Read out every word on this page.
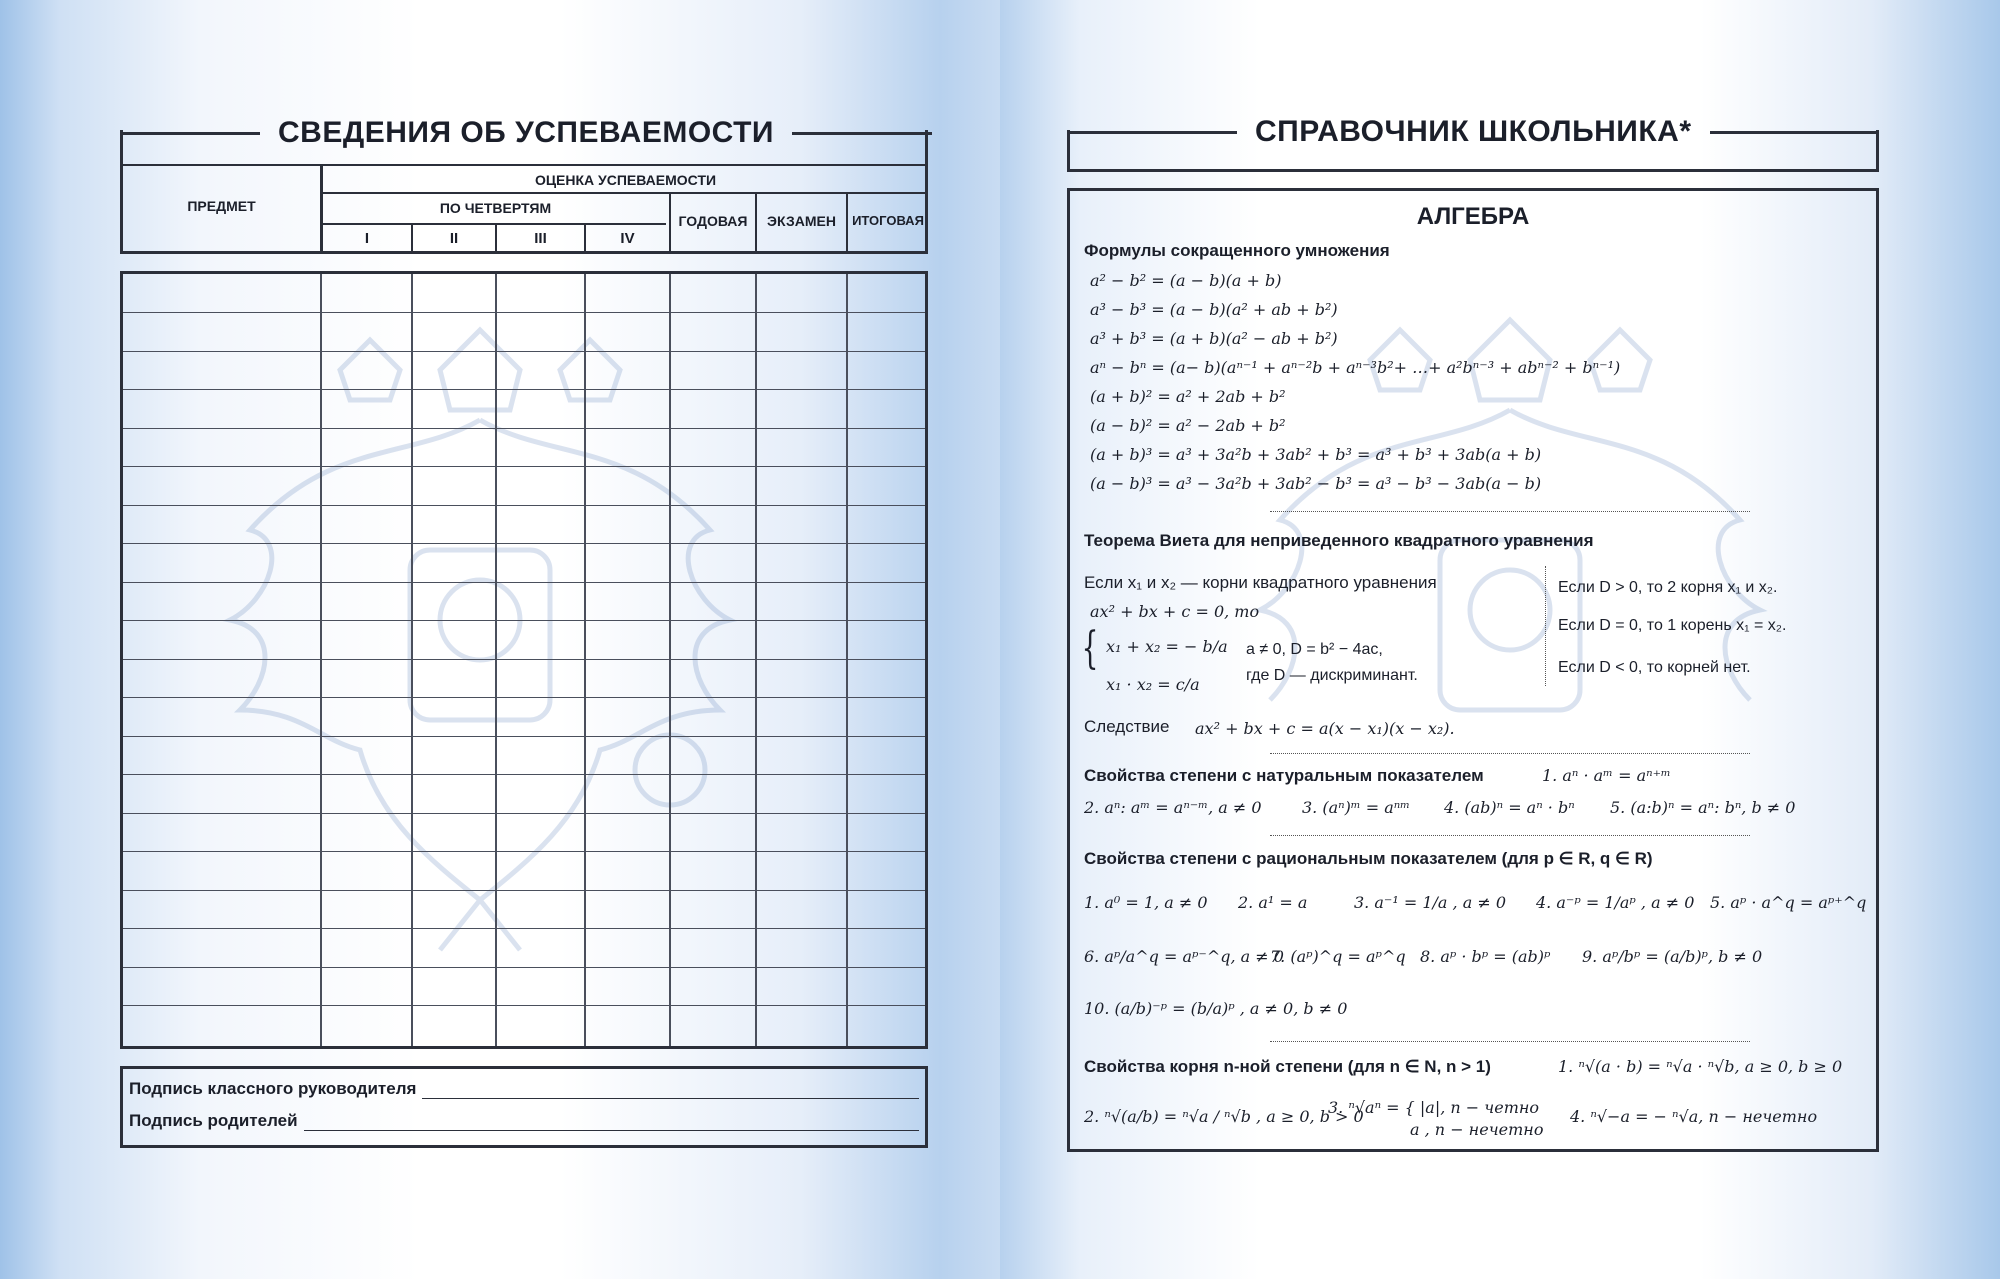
СВЕДЕНИЯ ОБ УСПЕВАЕМОСТИ
ПРЕДМЕТ
ОЦЕНКА УСПЕВАЕМОСТИ
ПО ЧЕТВЕРТЯМ
I	II	III	IV
ГОДОВАЯ	ЭКЗАМЕН	ИТОГОВАЯ
Подпись классного руководителя
Подпись родителей
СПРАВОЧНИК ШКОЛЬНИКА*
АЛГЕБРА
Формулы сокращенного умножения
a² − b² = (a − b)(a + b)
a³ − b³ = (a − b)(a² + ab + b²)
a³ + b³ = (a + b)(a² − ab + b²)
aⁿ − bⁿ = (a− b)(aⁿ⁻¹ + aⁿ⁻²b + aⁿ⁻³b²+ …+ a²bⁿ⁻³ + abⁿ⁻² + bⁿ⁻¹)
(a + b)² = a² + 2ab + b²
(a − b)² = a² − 2ab + b²
(a + b)³ = a³ + 3a²b + 3ab² + b³ = a³ + b³ + 3ab(a + b)
(a − b)³ = a³ − 3a²b + 3ab² − b³ = a³ − b³ − 3ab(a − b)
Теорема Виета для неприведенного квадратного уравнения
Если x₁ и x₂ — корни квадратного уравнения
ax² + bx + c = 0, то
{ x₁ + x₂ = − b/a
x₁ · x₂ = c/a
a ≠ 0, D = b² − 4ac,
где D — дискриминант.
Следствие ax² + bx + c = a(x − x₁)(x − x₂).
Если D > 0, то 2 корня x₁ и x₂.
Если D = 0, то 1 корень x₁ = x₂.
Если D < 0, то корней нет.
Свойства степени с натуральным показателем	1. aⁿ · aᵐ = aⁿ⁺ᵐ
2. aⁿ: aᵐ = aⁿ⁻ᵐ, a ≠ 0	3. (aⁿ)ᵐ = aⁿᵐ 4. (ab)ⁿ = aⁿ · bⁿ 5. (a:b)ⁿ = aⁿ: bⁿ, b ≠ 0
Свойства степени с рациональным показателем (для p ∈ R, q ∈ R)
1. a⁰ = 1, a ≠ 0 2. a¹ = a	3. a⁻¹ = 1/a , a ≠ 0 4. a⁻ᵖ = 1/aᵖ , a ≠ 0 5. aᵖ · a^q = aᵖ⁺^q
6. aᵖ/a^q = aᵖ⁻^q, a ≠ 0
7. (aᵖ)^q = aᵖ^q 8. aᵖ · bᵖ = (ab)ᵖ 9. aᵖ/bᵖ = (a/b)ᵖ, b ≠ 0
10. (a/b)⁻ᵖ = (b/a)ᵖ , a ≠ 0, b ≠ 0
Свойства корня n-ной степени (для n ∈ N, n > 1)	1. ⁿ√(a · b) = ⁿ√a · ⁿ√b, a ≥ 0, b ≥ 0
2. ⁿ√(a/b) = ⁿ√a / ⁿ√b , a ≥ 0, b > 0
3. ⁿ√aⁿ = { |a|, n − четно
a , n − нечетно
4. ⁿ√−a = − ⁿ√a, n − нечетно
